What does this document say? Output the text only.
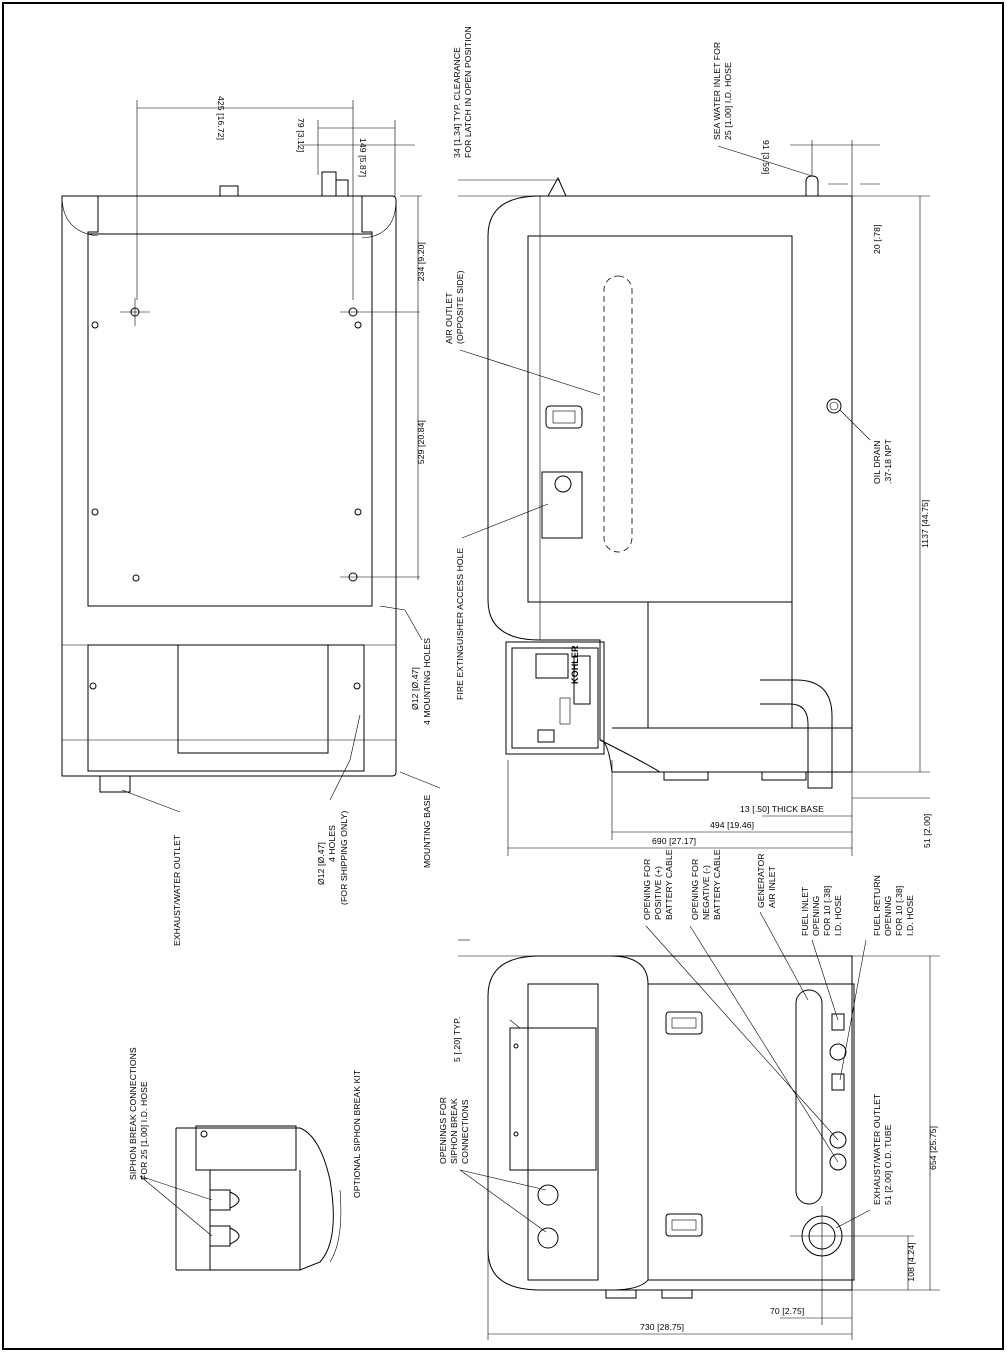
425 [16.72]	79 [3.12]
149 [5.87]
234 [9.20]
529 [20.84]
Ø12 [Ø.47] 4 MOUNTING HOLES
Ø12 [Ø.47] 4 HOLES (FOR SHIPPING ONLY)	MOUNTING BASE
EXHAUST/WATER OUTLET
34 [1.34] TYP. CLEARANCE FOR LATCH IN OPEN POSITION	SEA WATER INLET FOR 25 [1.00] I.D. HOSE
91 [3.59]
20 [.78]
AIR OUTLET (OPPOSITE SIDE)
OIL DRAIN .37-18 NPT
1137 [44.75]
FIRE EXTINGUISHER ACCESS HOLE
13 [.50] THICK BASE
494 [19.46]
690 [27.17]	51 [2.00]
KOHLER
5 [.20] TYP.
OPENING FOR POSITIVE (+) BATTERY CABLE OPENING FOR NEGATIVE (-) BATTERY CABLE	GENERATOR AIR INLET	FUEL INLET OPENING FOR 10 [.38] I.D. HOSE	FUEL RETURN OPENING FOR 10 [.38] I.D. HOSE
OPENINGS FOR SIPHON BREAK CONNECTIONS	EXHAUST/WATER OUTLET 51 [2.00] O.D. TUBE	654 [25.75]
108 [4.24]
70 [2.75]
730 [28.75]
SIPHON BREAK CONNECTIONS FOR 25 [1.00] I.D. HOSE	OPTIONAL SIPHON BREAK KIT
